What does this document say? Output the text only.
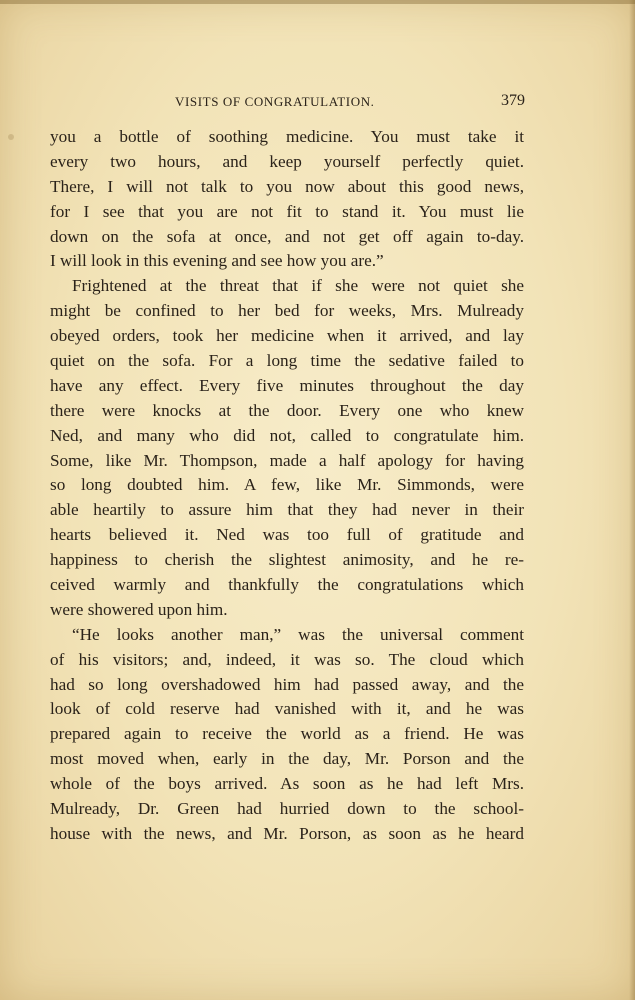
VISITS OF CONGRATULATION.	379
you a bottle of soothing medicine. You must take it
every two hours, and keep yourself perfectly quiet.
There, I will not talk to you now about this good news,
for I see that you are not fit to stand it. You must lie
down on the sofa at once, and not get off again to-day.
I will look in this evening and see how you are.”
Frightened at the threat that if she were not quiet she
might be confined to her bed for weeks, Mrs. Mulready
obeyed orders, took her medicine when it arrived, and lay
quiet on the sofa. For a long time the sedative failed to
have any effect. Every five minutes throughout the day
there were knocks at the door. Every one who knew
Ned, and many who did not, called to congratulate him.
Some, like Mr. Thompson, made a half apology for having
so long doubted him. A few, like Mr. Simmonds, were
able heartily to assure him that they had never in their
hearts believed it. Ned was too full of gratitude and
happiness to cherish the slightest animosity, and he re-
ceived warmly and thankfully the congratulations which
were showered upon him.
“He looks another man,” was the universal comment
of his visitors; and, indeed, it was so. The cloud which
had so long overshadowed him had passed away, and the
look of cold reserve had vanished with it, and he was
prepared again to receive the world as a friend. He was
most moved when, early in the day, Mr. Porson and the
whole of the boys arrived. As soon as he had left Mrs.
Mulready, Dr. Green had hurried down to the school-
house with the news, and Mr. Porson, as soon as he heard
